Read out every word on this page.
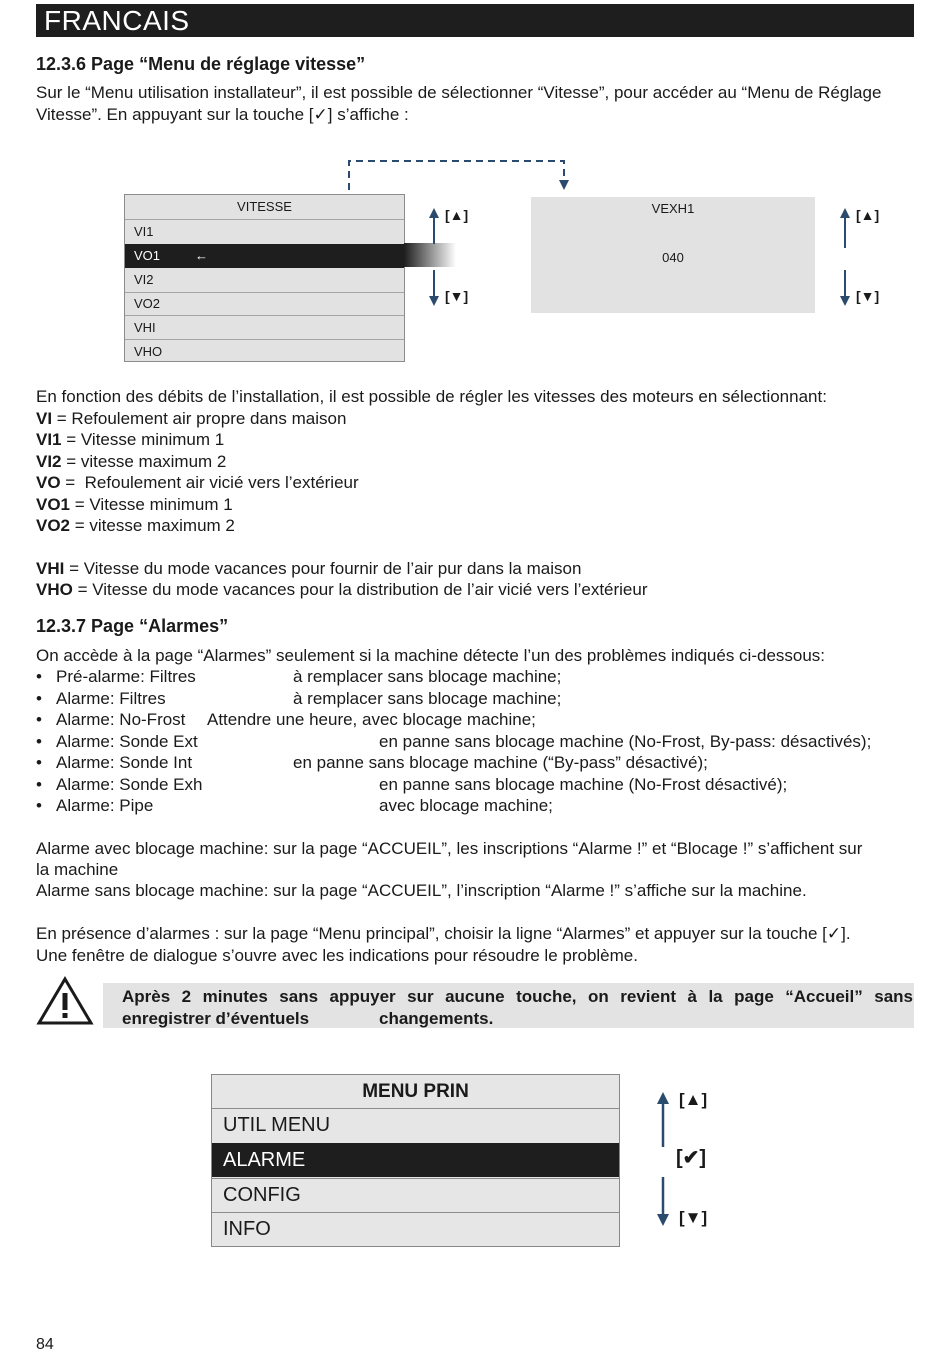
FRANCAIS
12.3.6 Page “Menu de réglage vitesse”

Sur le “Menu utilisation installateur”, il est possible de sélectionner “Vitesse”, pour accéder au “Menu de Réglage

Vitesse”. En appuyant sur la touche [✓] s’affiche :

VITESSE
VI1
VO1	←
VI2
VO2
VHI
VHO
[▲]
[▼]
VEXH1
040
[▲]
[▼]

En fonction des débits de l’installation, il est possible de régler les vitesses des moteurs en sélectionnant:

VI = Refoulement air propre dans maison

VI1 = Vitesse minimum 1

VI2 = vitesse maximum 2

VO =  Refoulement air vicié vers l’extérieur

VO1 = Vitesse minimum 1

VO2 = vitesse maximum 2

VHI = Vitesse du mode vacances pour fournir de l’air pur dans la maison

VHO = Vitesse du mode vacances pour la distribution de l’air vicié vers l’extérieur

12.3.7 Page “Alarmes”

On accède à la page “Alarmes” seulement si la machine détecte l’un des problèmes indiqués ci-dessous:

• Pré-alarme: Filtres	à remplacer sans blocage machine;

• Alarme: Filtres	à remplacer sans blocage machine;

• Alarme: No-Frost Attendre une heure, avec blocage machine;

• Alarme: Sonde Ext	en panne sans blocage machine (No-Frost, By-pass: désactivés);

• Alarme: Sonde Int	en panne sans blocage machine (“By-pass” désactivé);

• Alarme: Sonde Exh	en panne sans blocage machine (No-Frost désactivé);

• Alarme: Pipe	avec blocage machine;

Alarme avec blocage machine: sur la page “ACCUEIL”, les inscriptions “Alarme !” et “Blocage !” s’affichent sur

la machine

Alarme sans blocage machine: sur la page “ACCUEIL”, l’inscription “Alarme !” s’affiche sur la machine.

En présence d’alarmes : sur la page “Menu principal”, choisir la ligne “Alarmes” et appuyer sur la touche [✓].

Une fenêtre de dialogue s’ouvre avec les indications pour résoudre le problème.

Après 2 minutes sans appuyer sur aucune touche, on revient à la page “Accueil” sans
enregistrer d’éventuels	changements.
MENU PRIN
UTIL MENU
ALARME
CONFIG
INFO
[▲]
[✔]
[▼]
84
